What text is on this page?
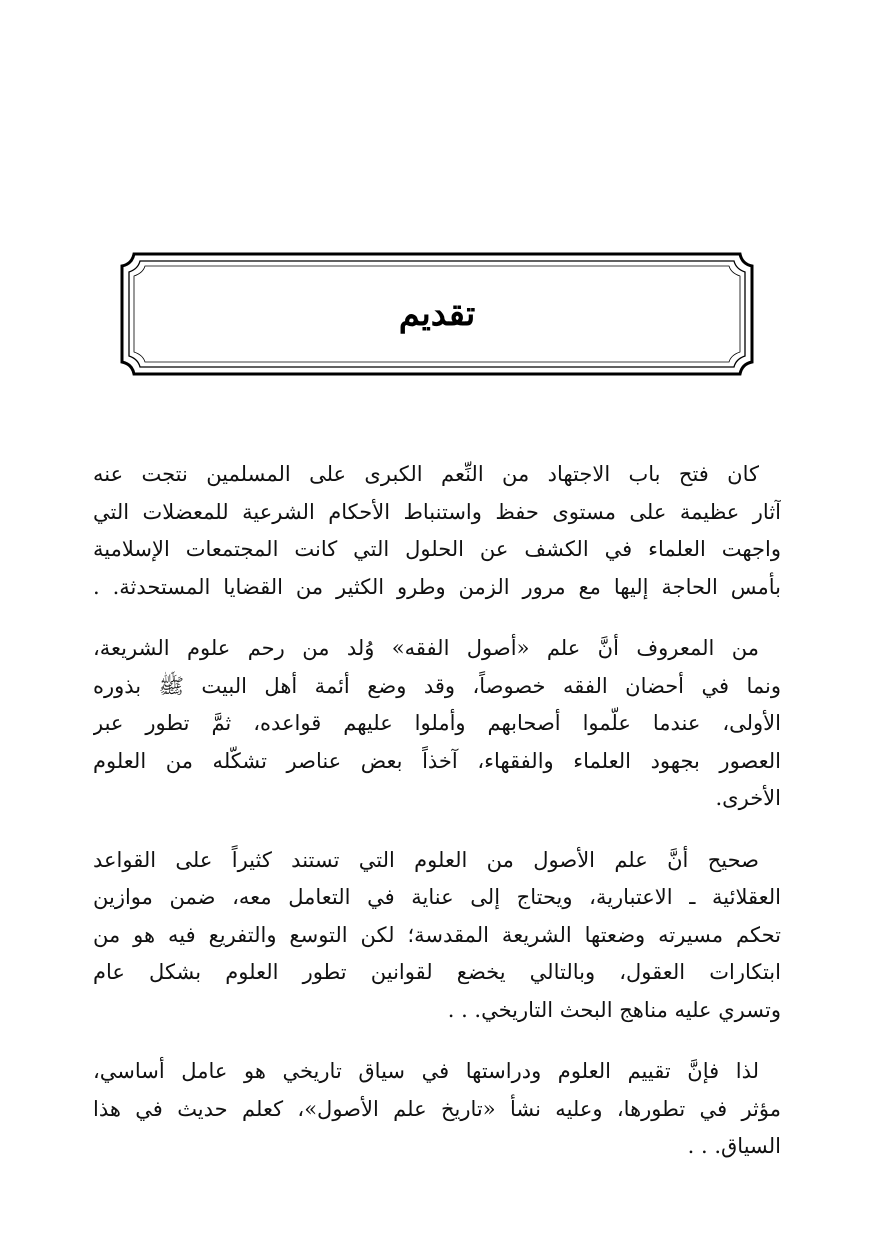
تقديم
كان فتح باب الاجتهاد من النِّعم الكبرى على المسلمين نتجت عنه
آثار عظيمة على مستوى حفظ واستنباط الأحكام الشرعية للمعضلات التي
واجهت العلماء في الكشف عن الحلول التي كانت المجتمعات الإسلامية
بأمس الحاجة إليها مع مرور الزمن وطرو الكثير من القضايا المستحدثة. .
من المعروف أنَّ علم «أصول الفقه» وُلد من رحم علوم الشريعة،
ونما في أحضان الفقه خصوصاً، وقد وضع أئمة أهل البيت ﷺ بذوره
الأولى، عندما علّموا أصحابهم وأملوا عليهم قواعده، ثمَّ تطور عبر
العصور بجهود العلماء والفقهاء، آخذاً بعض عناصر تشكّله من العلوم
الأخرى.
صحيح أنَّ علم الأصول من العلوم التي تستند كثيراً على القواعد
العقلائية ـ الاعتبارية، ويحتاج إلى عناية في التعامل معه، ضمن موازين
تحكم مسيرته وضعتها الشريعة المقدسة؛ لكن التوسع والتفريع فيه هو من
ابتكارات العقول، وبالتالي يخضع لقوانين تطور العلوم بشكل عام
وتسري عليه مناهج البحث التاريخي. . .
لذا فإنَّ تقييم العلوم ودراستها في سياق تاريخي هو عامل أساسي،
مؤثر في تطورها، وعليه نشأ «تاريخ علم الأصول»، كعلم حديث في هذا
السياق. . .
